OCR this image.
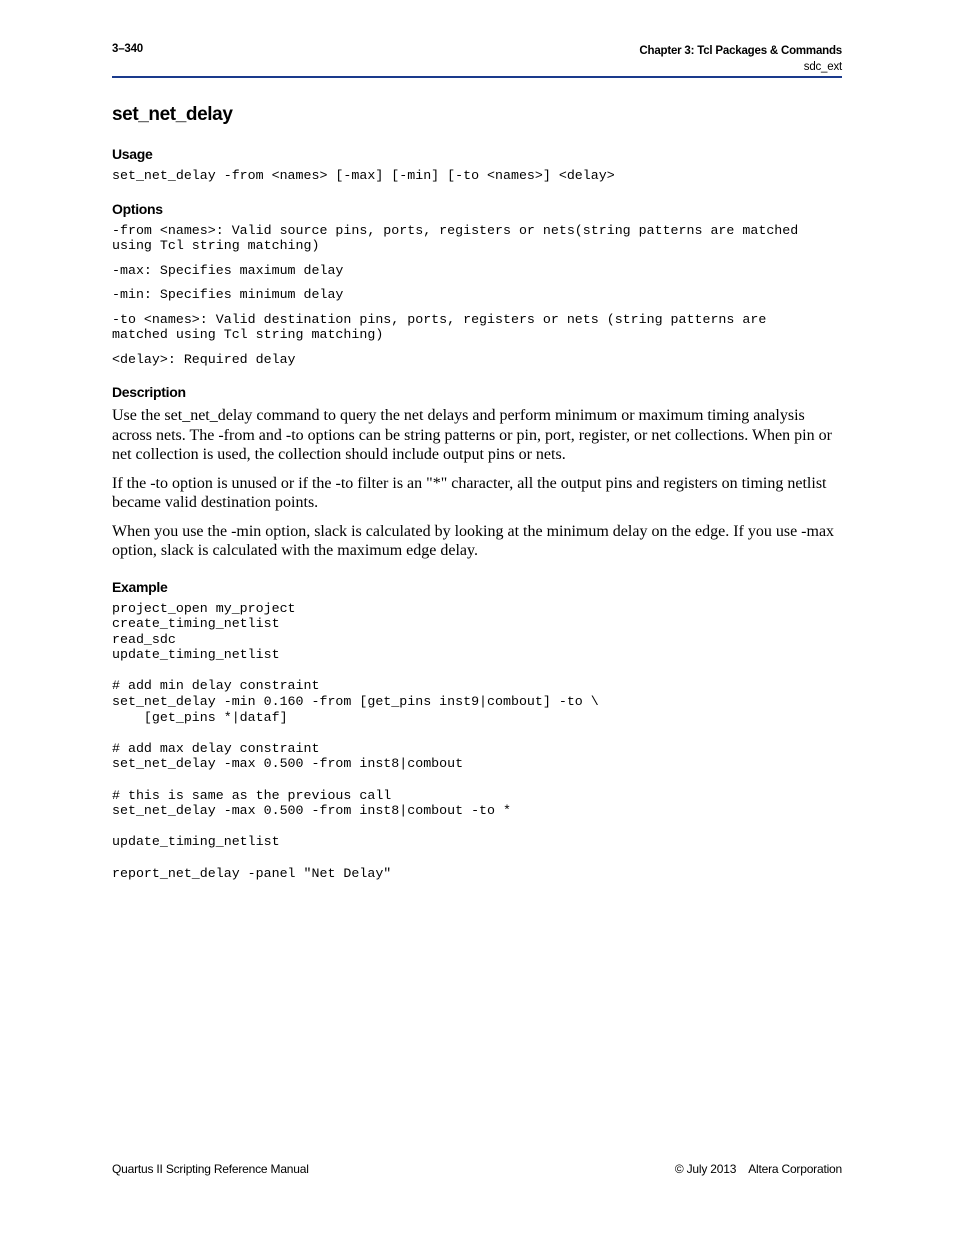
3–340	Chapter 3: Tcl Packages & Commands
sdc_ext
set_net_delay
Usage
set_net_delay -from <names> [-max] [-min] [-to <names>] <delay>
Options
-from <names>: Valid source pins, ports, registers or nets(string patterns are matched
using Tcl string matching)
-max: Specifies maximum delay
-min: Specifies minimum delay
-to <names>: Valid destination pins, ports, registers or nets (string patterns are
matched using Tcl string matching)
<delay>: Required delay
Description

Use the set_net_delay command to query the net delays and perform minimum or maximum timing analysis across nets. The -from and -to options can be string patterns or pin, port, register, or net collections. When pin or net collection is used, the collection should include output pins or nets.

If the -to option is unused or if the -to filter is an "*" character, all the output pins and registers on timing netlist became valid destination points.

When you use the -min option, slack is calculated by looking at the minimum delay on the edge. If you use -max option, slack is calculated with the maximum edge delay.

Example
project_open my_project
create_timing_netlist
read_sdc
update_timing_netlist

# add min delay constraint
set_net_delay -min 0.160 -from [get_pins inst9|combout] -to \
[get_pins *|dataf]

# add max delay constraint
set_net_delay -max 0.500 -from inst8|combout

# this is same as the previous call
set_net_delay -max 0.500 -from inst8|combout -to *

update_timing_netlist

report_net_delay -panel "Net Delay"
Quartus II Scripting Reference Manual	© July 2013 Altera Corporation
